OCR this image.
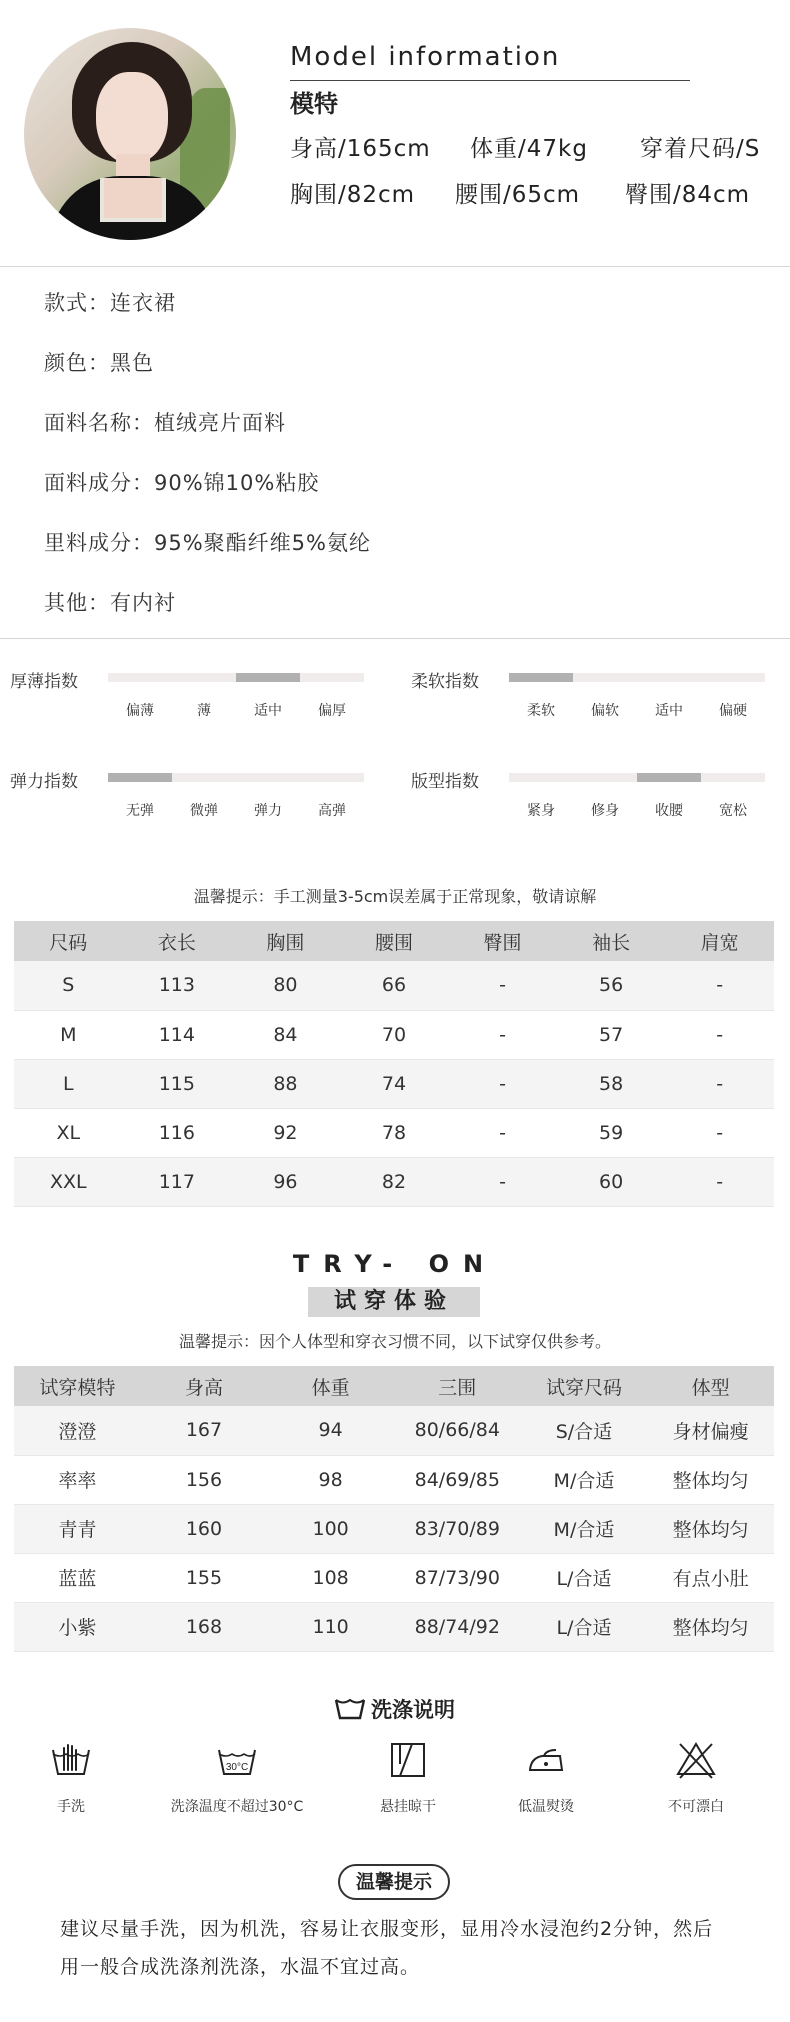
Model information
模特
身高/165cm 体重/47kg 穿着尺码/S
胸围/82cm 腰围/65cm 臀围/84cm
款式：连衣裙
颜色：黑色
面料名称：植绒亮片面料
面料成分：90%锦10%粘胶
里料成分：95%聚酯纤维5%氨纶
其他：有内衬
厚薄指数
偏薄	薄	适中	偏厚
柔软指数
柔软	偏软	适中	偏硬
弹力指数
无弹	微弹	弹力	高弹
版型指数
紧身	修身	收腰	宽松
温馨提示：手工测量3-5cm误差属于正常现象，敬请谅解
尺码	衣长	胸围	腰围	臀围	袖长	肩宽
S	113	80	66	-	56	-
M	114	84	70	-	57	-
L	115	88	74	-	58	-
XL	116	92	78	-	59	-
XXL	117	96	82	-	60	-
TRY- ON
试穿体验
温馨提示：因个人体型和穿衣习惯不同，以下试穿仅供参考。
试穿模特	身高	体重	三围	试穿尺码	体型
澄澄	167	94	80/66/84	S/合适	身材偏瘦
率率	156	98	84/69/85	M/合适	整体均匀
青青	160	100	83/70/89	M/合适	整体均匀
蓝蓝	155	108	87/73/90	L/合适	有点小肚
小紫	168	110	88/74/92	L/合适	整体均匀
洗涤说明
手洗
30°C
洗涤温度不超过30°C	悬挂晾干	低温熨烫	不可漂白
温馨提示
建议尽量手洗，因为机洗，容易让衣服变形，显用冷水浸泡约2分钟，然后
用一般合成洗涤剂洗涤，水温不宜过高。
